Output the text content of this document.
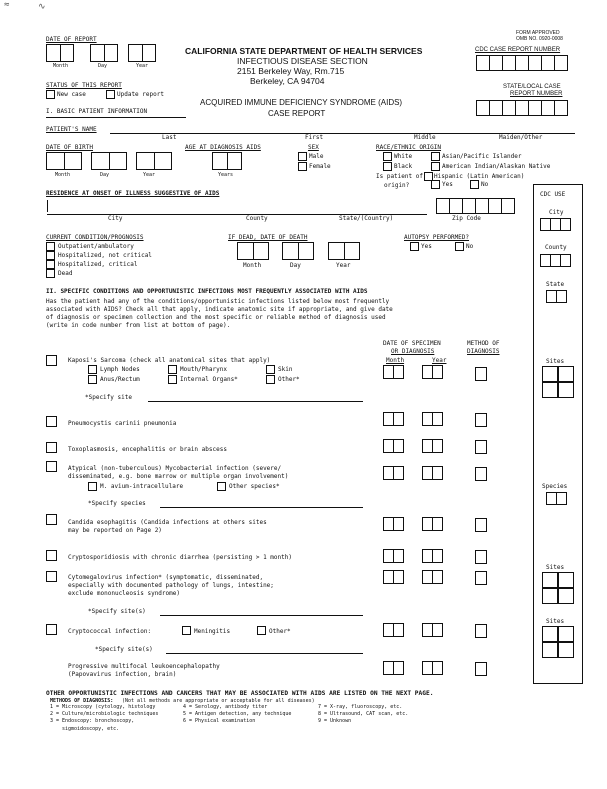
≈	∿
DATE OF REPORT
Month	Day	Year
CALIFORNIA STATE DEPARTMENT OF HEALTH SERVICES
INFECTIOUS DISEASE SECTION
2151 Berkeley Way, Rm.715
Berkeley, CA 94704
FORM APPROVED
OMB NO. 0920-0008
CDC CASE REPORT NUMBER
STATE/LOCAL CASE
REPORT NUMBER
STATUS OF THIS REPORT
New case	Update report
ACQUIRED IMMUNE DEFICIENCY SYNDROME (AIDS)
CASE REPORT
I. BASIC PATIENT INFORMATION
PATIENT'S NAME
Last	First	Middle	Maiden/Other
DATE OF BIRTH
Month	Day	Year
AGE AT DIAGNOSIS AIDS
Years
SEX
Male
Female
RACE/ETHNIC ORIGIN
White	Asian/Pacific Islander
Black	American Indian/Alaskan Native
Is patient of Hispanic (Latin American)
origin?	Yes	No
RESIDENCE AT ONSET OF ILLNESS SUGGESTIVE OF AIDS
City	County	State/(Country)	Zip Code
CURRENT CONDITION/PROGNOSIS
Outpatient/ambulatory
Hospitalized, not critical
Hospitalized, critical
Dead
IF DEAD, DATE OF DEATH
Month	Day	Year
AUTOPSY PERFORMED?
Yes	No
CDC USE
City
County
State
Sites
Species
Sites
Sites
II. SPECIFIC CONDITIONS AND OPPORTUNISTIC INFECTIONS MOST FREQUENTLY ASSOCIATED WITH AIDS
Has the patient had any of the conditions/opportunistic infections listed below most frequently
associated with AIDS? Check all that apply, indicate anatomic site if appropriate, and give date
of diagnosis or specimen collection and the most specific or reliable method of diagnosis used
(write in code number from list at bottom of page).
DATE OF SPECIMEN
OR DIAGNOSIS
Month	Year
METHOD OF
DIAGNOSIS
Kaposi's Sarcoma (check all anatomical sites that apply)
Lymph Nodes	Mouth/Pharynx	Skin
Anus/Rectum	Internal Organs*	Other*
*Specify site
Pneumocystis carinii pneumonia
Toxoplasmosis, encephalitis or brain abscess
Atypical (non-tuberculous) Mycobacterial infection (severe/
disseminated, e.g. bone marrow or multiple organ involvement)
M. avium-intracellulare	Other species*
*Specify species
Candida esophagitis (Candida infections at others sites
may be reported on Page 2)
Cryptosporidiosis with chronic diarrhea (persisting > 1 month)
Cytomegalovirus infection* (symptomatic, disseminated,
especially with documented pathology of lungs, intestine;
exclude mononucleosis syndrome)
*Specify site(s)
Cryptococcal infection:	Meningitis	Other*
*Specify site(s)
Progressive multifocal leukoencephalopathy
(Papovavirus infection, brain)
OTHER OPPORTUNISTIC INFECTIONS AND CANCERS THAT MAY BE ASSOCIATED WITH AIDS ARE LISTED ON THE NEXT PAGE.
METHODS OF DIAGNOSIS: (Not all methods are appropriate or acceptable for all diseases)
1 = Microscopy (cytology, histology
2 = Culture/microbiologic techniques
3 = Endoscopy: bronchoscopy,
sigmoidoscopy, etc.
4 = Serology, antibody titer
5 = Antigen detection, any technique
6 = Physical examination
7 = X-ray, fluoroscopy, etc.
8 = Ultrasound, CAT scan, etc.
9 = Unknown
